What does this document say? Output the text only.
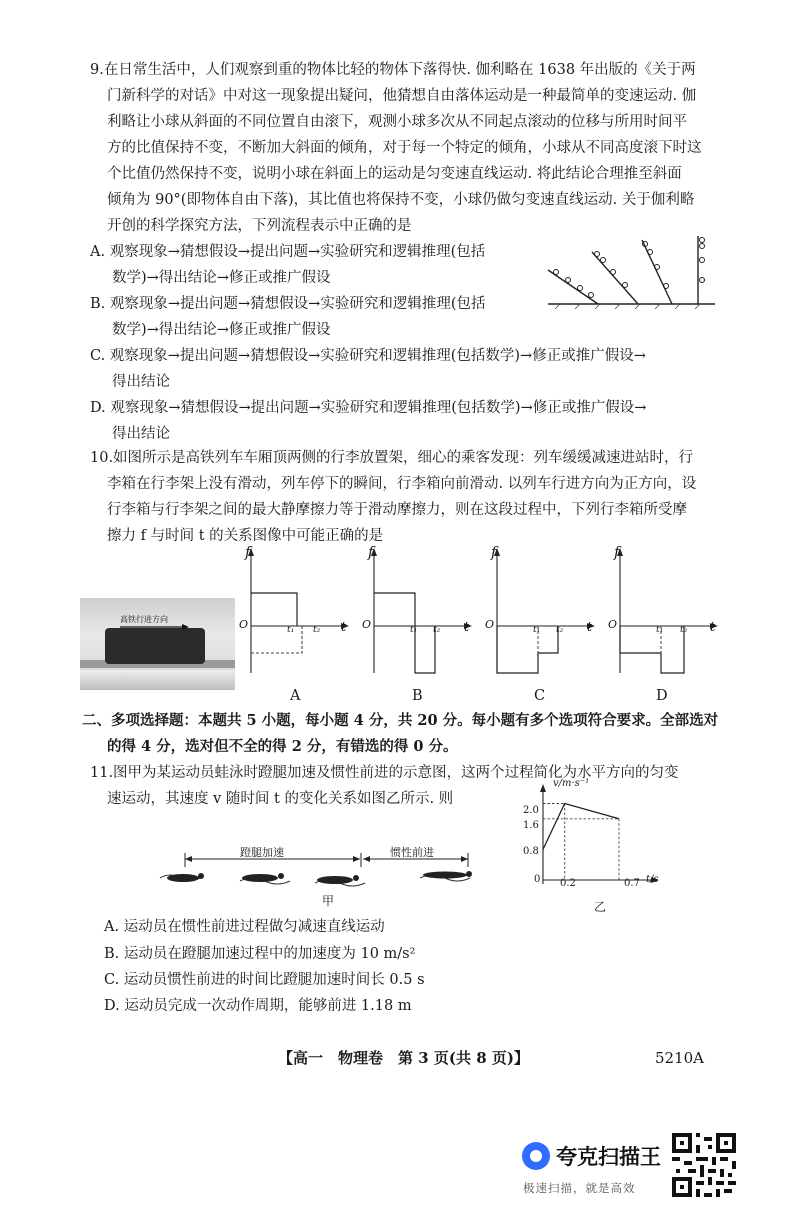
9.在日常生活中，人们观察到重的物体比轻的物体下落得快. 伽利略在 1638 年出版的《关于两
门新科学的对话》中对这一现象提出疑问，他猜想自由落体运动是一种最简单的变速运动. 伽
利略让小球从斜面的不同位置自由滚下，观测小球多次从不同起点滚动的位移与所用时间平
方的比值保持不变，不断加大斜面的倾角，对于每一个特定的倾角，小球从不同高度滚下时这
个比值仍然保持不变，说明小球在斜面上的运动是匀变速直线运动. 将此结论合理推至斜面
倾角为 90°(即物体自由下落)，其比值也将保持不变，小球仍做匀变速直线运动. 关于伽利略
开创的科学探究方法，下列流程表示中正确的是
A. 观察现象→猜想假设→提出问题→实验研究和逻辑推理(包括
数学)→得出结论→修正或推广假设
B. 观察现象→提出问题→猜想假设→实验研究和逻辑推理(包括
数学)→得出结论→修正或推广假设
C. 观察现象→提出问题→猜想假设→实验研究和逻辑推理(包括数学)→修正或推广假设→
得出结论
D. 观察现象→猜想假设→提出问题→实验研究和逻辑推理(包括数学)→修正或推广假设→
得出结论
10.如图所示是高铁列车车厢顶两侧的行李放置架，细心的乘客发现：列车缓缓减速进站时，行
李箱在行李架上没有滑动，列车停下的瞬间，行李箱向前滑动. 以列车行进方向为正方向，设
行李箱与行李架之间的最大静摩擦力等于滑动摩擦力，则在这段过程中，下列行李箱所受摩
擦力 f 与时间 t 的关系图像中可能正确的是
高铁行进方向
f
O	t₁ t₂ t
A
f
O	t₁ t₂ t
B
f
O	t₁ t₂ t
C
f
O	t₁ t₂ t
D
二、多项选择题：本题共 5 小题，每小题 4 分，共 20 分。每小题有多个选项符合要求。全部选对
的得 4 分，选对但不全的得 2 分，有错选的得 0 分。
11.图甲为某运动员蛙泳时蹬腿加速及惯性前进的示意图，这两个过程简化为水平方向的匀变
速运动，其速度 v 随时间 t 的变化关系如图乙所示. 则
蹬腿加速	惯性前进
甲
v/m·s⁻¹
2.0
1.6
0.8
0 0.2	0.7 t/s
乙
A. 运动员在惯性前进过程做匀减速直线运动
B. 运动员在蹬腿加速过程中的加速度为 10 m/s²
C. 运动员惯性前进的时间比蹬腿加速时间长 0.5 s
D. 运动员完成一次动作周期，能够前进 1.18 m
【高一　物理卷　第 3 页(共 8 页)】	5210A
夸克扫描王
极速扫描，就是高效
